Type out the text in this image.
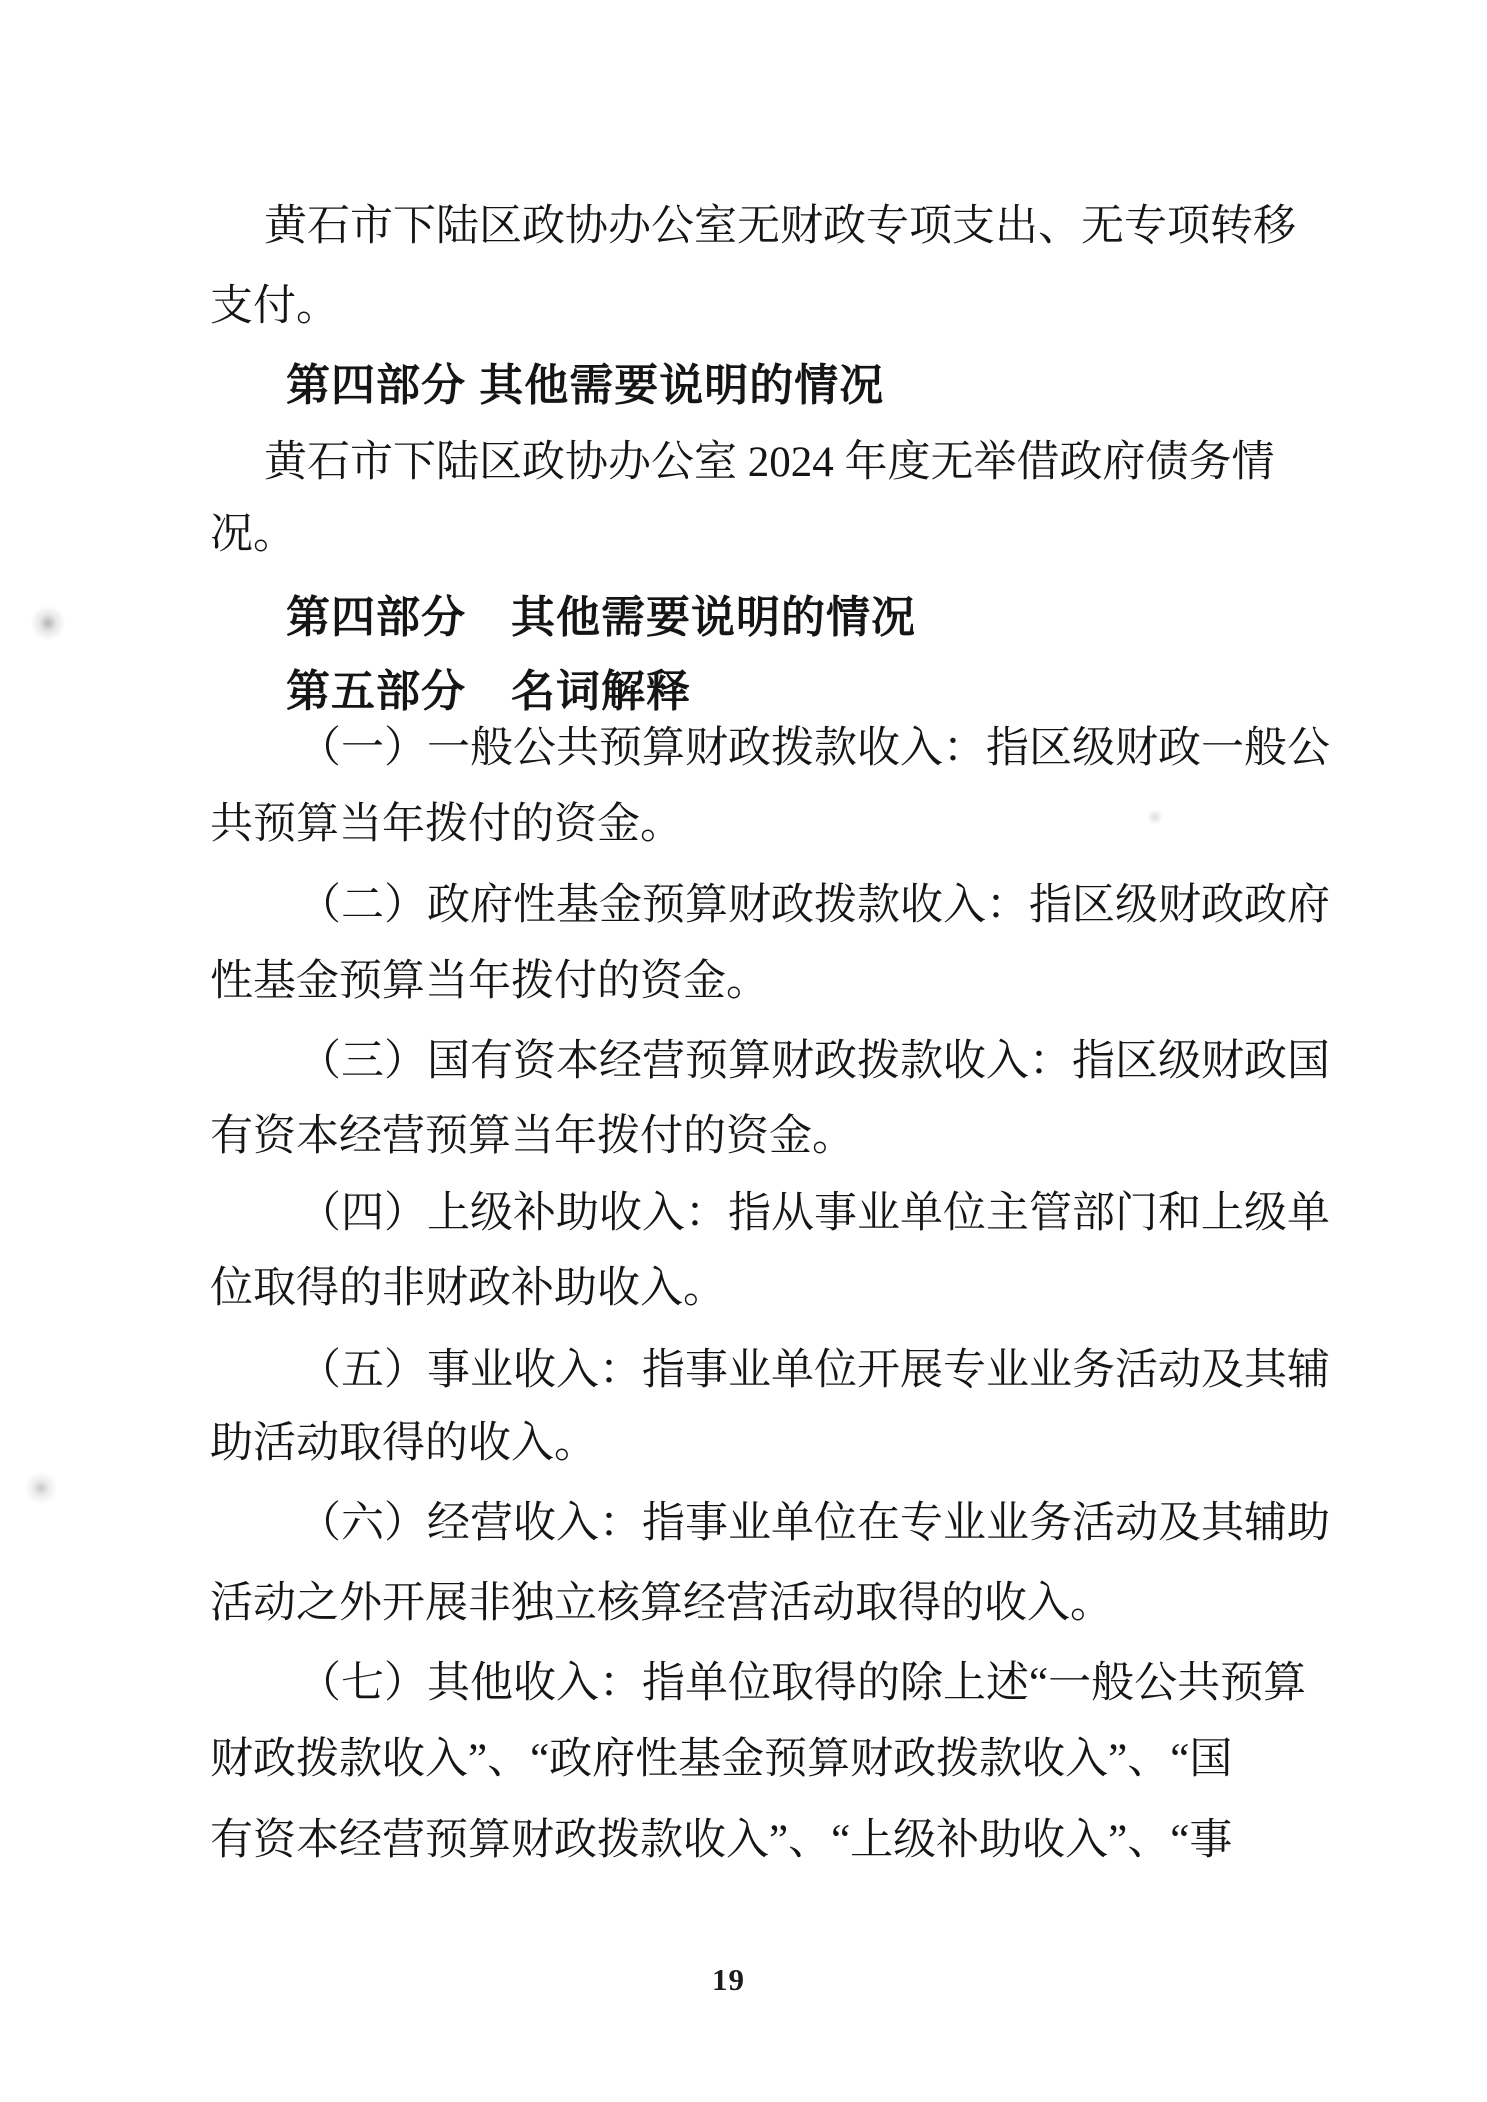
黄石市下陆区政协办公室无财政专项支出、无专项转移
支付。
第四部分 其他需要说明的情况
黄石市下陆区政协办公室 2024 年度无举借政府债务情
况。
第四部分　其他需要说明的情况
第五部分　名词解释
（一）一般公共预算财政拨款收入：指区级财政一般公
共预算当年拨付的资金。
（二）政府性基金预算财政拨款收入：指区级财政政府
性基金预算当年拨付的资金。
（三）国有资本经营预算财政拨款收入：指区级财政国
有资本经营预算当年拨付的资金。
（四）上级补助收入：指从事业单位主管部门和上级单
位取得的非财政补助收入。
（五）事业收入：指事业单位开展专业业务活动及其辅
助活动取得的收入。
（六）经营收入：指事业单位在专业业务活动及其辅助
活动之外开展非独立核算经营活动取得的收入。
（七）其他收入：指单位取得的除上述“一般公共预算
财政拨款收入”、“政府性基金预算财政拨款收入”、“国
有资本经营预算财政拨款收入”、“上级补助收入”、“事
19
